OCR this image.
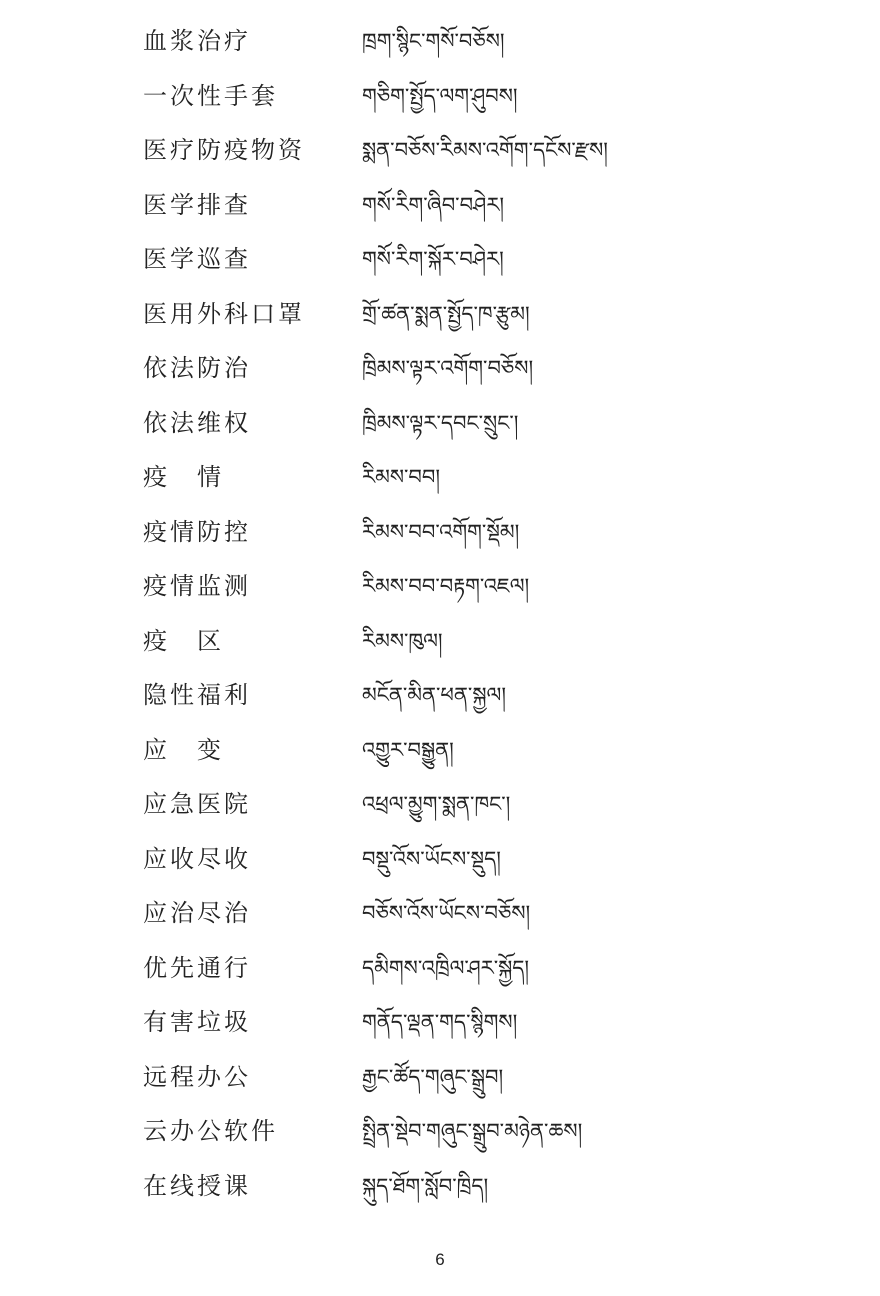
血浆治疗	ཁྲག་སྙིང་གསོ་བཅོས།
一次性手套	གཅིག་སྤྱོད་ལག་ཤུབས།
医疗防疫物资	སྨན་བཅོས་རིམས་འགོག་དངོས་རྫས།
医学排查	གསོ་རིག་ཞིབ་བཤེར།
医学巡查	གསོ་རིག་སྐོར་བཤེར།
医用外科口罩	གྲོ་ཚན་སྨན་སྤྱོད་ཁ་རྩུམ།
依法防治	ཁྲིམས་ལྟར་འགོག་བཅོས།
依法维权	ཁྲིམས་ལྟར་དབང་སྲུང་།
疫　情	རིམས་བབ།
疫情防控	རིམས་བབ་འགོག་སྡོམ།
疫情监测	རིམས་བབ་བརྟག་འཇལ།
疫　区	རིམས་ཁུལ།
隐性福利	མངོན་མིན་ཕན་སྐྱལ།
应　变	འགྱུར་བསྒྱུན།
应急医院	འཕྲལ་མྱུག་སྨན་ཁང་།
应收尽收	བསྡུ་འོས་ཡོངས་སྡུད།
应治尽治	བཅོས་འོས་ཡོངས་བཅོས།
优先通行	དམིགས་འཁྲིལ་ཤར་སྐྱོད།
有害垃圾	གནོད་ལྡན་གད་སྙིགས།
远程办公	རྒྱང་ཚོད་གཞུང་སྒྲུབ།
云办公软件	སྤྲིན་སྡེབ་གཞུང་སྒྲུབ་མཉེན་ཆས།
在线授课	སྐུད་ཐོག་སློབ་ཁྲིད།
6
